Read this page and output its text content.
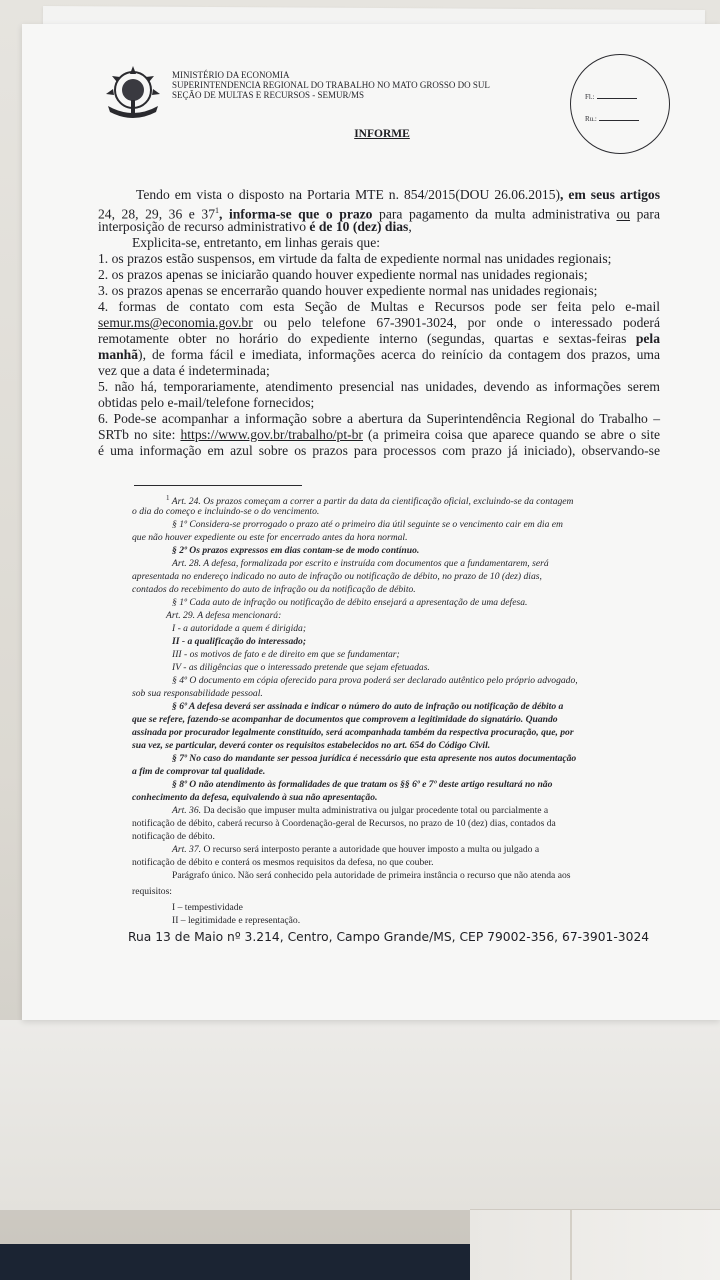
MINISTÉRIO DA ECONOMIA
SUPERINTENDENCIA REGIONAL DO TRABALHO NO MATO GROSSO DO SUL
SEÇÃO DE MULTAS E RECURSOS - SEMUR/MS	Fl.:
Ru.:
INFORME
Tendo em vista o disposto na Portaria MTE n. 854/2015(DOU 26.06.2015), em seus artigos
24, 28, 29, 36 e $37^1$, informa-se que o prazo para pagamento da multa administrativa ou para
interposição de recurso administrativo é de 10 (dez) dias,
Explicita-se, entretanto, em linhas gerais que:
1. os prazos estão suspensos, em virtude da falta de expediente normal nas unidades regionais;
2. os prazos apenas se iniciarão quando houver expediente normal nas unidades regionais;
3. os prazos apenas se encerrarão quando houver expediente normal nas unidades regionais;
4. formas de contato com esta Seção de Multas e Recursos pode ser feita pelo e-mail
semur.ms@economia.gov.br ou pelo telefone 67-3901-3024, por onde o interessado poderá
remotamente obter no horário do expediente interno (segundas, quartas e sextas-feiras pela
manhã), de forma fácil e imediata, informações acerca do reinício da contagem dos prazos, uma
vez que a data é indeterminada;
5. não há, temporariamente, atendimento presencial nas unidades, devendo as informações serem
obtidas pelo e-mail/telefone fornecidos;
6. Pode-se acompanhar a informação sobre a abertura da Superintendência Regional do Trabalho –
SRTb no site: https://www.gov.br/trabalho/pt-br (a primeira coisa que aparece quando se abre o site
é uma informação em azul sobre os prazos para processos com prazo já iniciado), observando-se
$^1$ Art. 24. Os prazos começam a correr a partir da data da cientificação oficial, excluindo-se da contagem
o dia do começo e incluindo-se o do vencimento.
§ 1º Considera-se prorrogado o prazo até o primeiro dia útil seguinte se o vencimento cair em dia em
que não houver expediente ou este for encerrado antes da hora normal.
§ 2º Os prazos expressos em dias contam-se de modo contínuo.
Art. 28. A defesa, formalizada por escrito e instruída com documentos que a fundamentarem, será
apresentada no endereço indicado no auto de infração ou notificação de débito, no prazo de 10 (dez) dias,
contados do recebimento do auto de infração ou da notificação de débito.
§ 1º Cada auto de infração ou notificação de débito ensejará a apresentação de uma defesa.
Art. 29. A defesa mencionará:
I - a autoridade a quem é dirigida;
II - a qualificação do interessado;
III - os motivos de fato e de direito em que se fundamentar;
IV - as diligências que o interessado pretende que sejam efetuadas.
§ 4º O documento em cópia oferecido para prova poderá ser declarado autêntico pelo próprio advogado,
sob sua responsabilidade pessoal.
§ 6º A defesa deverá ser assinada e indicar o número do auto de infração ou notificação de débito a
que se refere, fazendo-se acompanhar de documentos que comprovem a legitimidade do signatário. Quando
assinada por procurador legalmente constituído, será acompanhada também da respectiva procuração, que, por
sua vez, se particular, deverá conter os requisitos estabelecidos no art. 654 do Código Civil.
§ 7º No caso do mandante ser pessoa jurídica é necessário que esta apresente nos autos documentação
a fim de comprovar tal qualidade.
§ 8º O não atendimento às formalidades de que tratam os §§ 6º e 7º deste artigo resultará no não
conhecimento da defesa, equivalendo à sua não apresentação.
Art. 36. Da decisão que impuser multa administrativa ou julgar procedente total ou parcialmente a
notificação de débito, caberá recurso à Coordenação-geral de Recursos, no prazo de 10 (dez) dias, contados da
notificação de débito.
Art. 37. O recurso será interposto perante a autoridade que houver imposto a multa ou julgado a
notificação de débito e conterá os mesmos requisitos da defesa, no que couber.
Parágrafo único. Não será conhecido pela autoridade de primeira instância o recurso que não atenda aos
requisitos:
I – tempestividade
II – legitimidade e representação.
Rua 13 de Maio nº 3.214, Centro, Campo Grande/MS, CEP 79002-356, 67-3901-3024
